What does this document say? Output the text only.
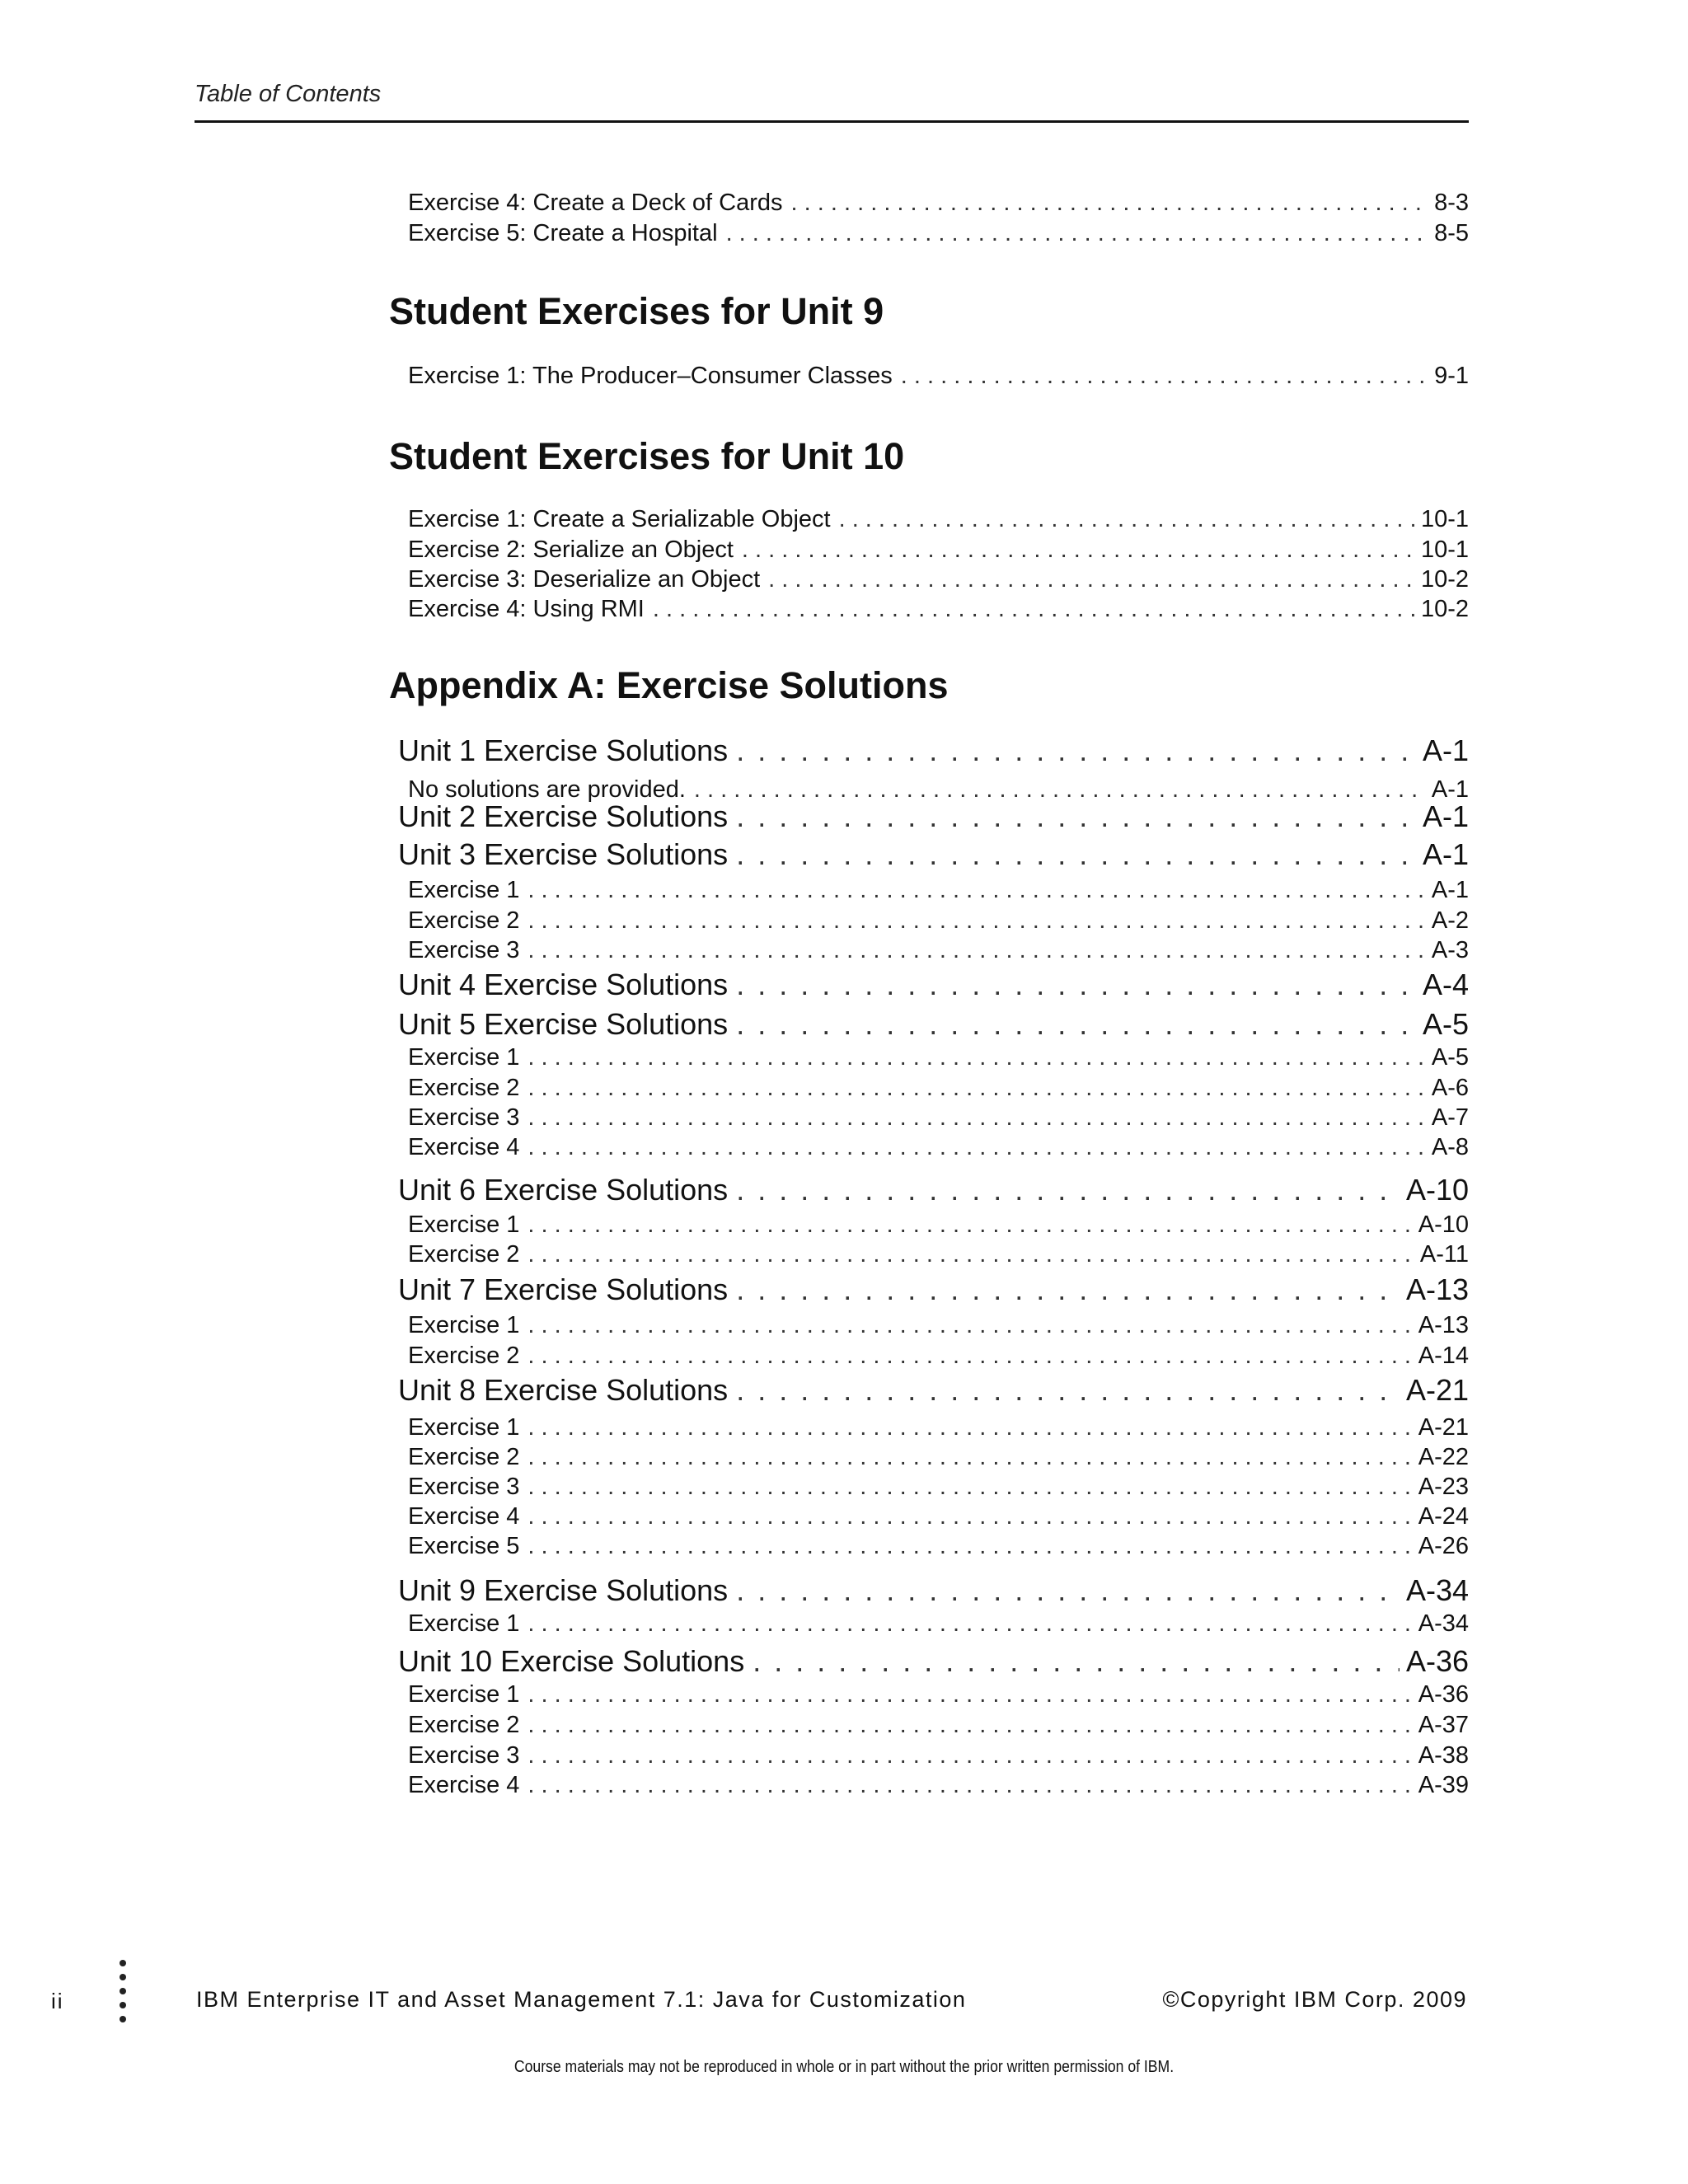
Table of Contents
Exercise 4: Create a Deck of Cards . . .	8-3
Exercise 5: Create a Hospital . . .	8-5
Student Exercises for Unit 9
Exercise 1: The Producer–Consumer Classes . . .	9-1
Student Exercises for Unit 10
Exercise 1: Create a Serializable Object . . .	10-1
Exercise 2: Serialize an Object . . .	10-1
Exercise 3: Deserialize an Object . . .	10-2
Exercise 4: Using RMI . . .	10-2
Appendix A: Exercise Solutions
Unit 1 Exercise Solutions . . .	A-1
No solutions are provided. . . .	A-1
Unit 2 Exercise Solutions . . .	A-1
Unit 3 Exercise Solutions . . .	A-1
Exercise 1 . . .	A-1
Exercise 2 . . .	A-2
Exercise 3 . . .	A-3
Unit 4 Exercise Solutions . . .	A-4
Unit 5 Exercise Solutions . . .	A-5
Exercise 1 . . .	A-5
Exercise 2 . . .	A-6
Exercise 3 . . .	A-7
Exercise 4 . . .	A-8
Unit 6 Exercise Solutions . . .	A-10
Exercise 1 . . .	A-10
Exercise 2 . . .	A-11
Unit 7 Exercise Solutions . . .	A-13
Exercise 1 . . .	A-13
Exercise 2 . . .	A-14
Unit 8 Exercise Solutions . . .	A-21
Exercise 1 . . .	A-21
Exercise 2 . . .	A-22
Exercise 3 . . .	A-23
Exercise 4 . . .	A-24
Exercise 5 . . .	A-26
Unit 9 Exercise Solutions . . .	A-34
Exercise 1 . . .	A-34
Unit 10 Exercise Solutions . . .	A-36
Exercise 1 . . .	A-36
Exercise 2 . . .	A-37
Exercise 3 . . .	A-38
Exercise 4 . . .	A-39
ii	IBM Enterprise IT and Asset Management 7.1: Java for Customization	©Copyright IBM Corp. 2009
Course materials may not be reproduced in whole or in part without the prior written permission of IBM.
